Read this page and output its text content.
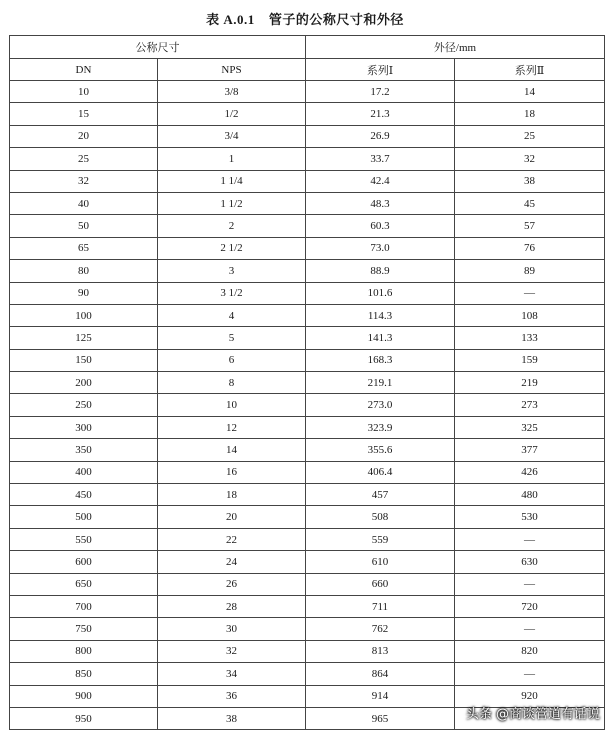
表 A.0.1 管子的公称尺寸和外径
公称尺寸		外径/mm	
DN	NPS	系列Ⅰ	系列Ⅱ
10	3/8	17.2	14
15	1/2	21.3	18
20	3/4	26.9	25
25	1	33.7	32
32	1 1/4	42.4	38
40	1 1/2	48.3	45
50	2	60.3	57
65	2 1/2	73.0	76
80	3	88.9	89
90	3 1/2	101.6	—
100	4	114.3	108
125	5	141.3	133
150	6	168.3	159
200	8	219.1	219
250	10	273.0	273
300	12	323.9	325
350	14	355.6	377
400	16	406.4	426
450	18	457	480
500	20	508	530
550	22	559	—
600	24	610	630
650	26	660	—
700	28	711	720
750	30	762	—
800	32	813	820
850	34	864	—
900	36	914	920
950	38	965		头条 @商谈管道有话说
